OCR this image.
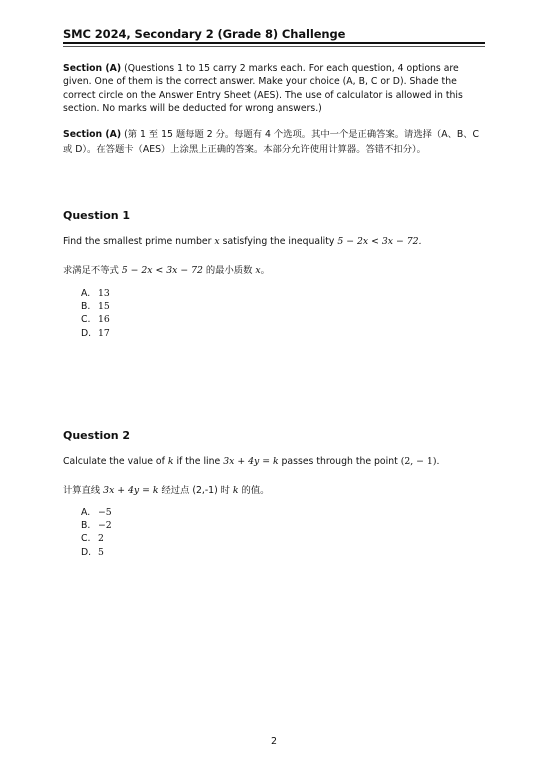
SMC 2024, Secondary 2 (Grade 8) Challenge
Section (A) (Questions 1 to 15 carry 2 marks each. For each question, 4 options are given. One of them is the correct answer. Make your choice (A, B, C or D). Shade the correct circle on the Answer Entry Sheet (AES). The use of calculator is allowed in this section. No marks will be deducted for wrong answers.)
Section (A) (第 1 至 15 题每题 2 分。每题有 4 个选项。其中一个是正确答案。请选择（A、B、C 或 D）。在答题卡（AES）上涂黑上正确的答案。本部分允许使用计算器。答错不扣分）。
Question 1
Find the smallest prime number x satisfying the inequality 5 − 2x < 3x − 72.
求满足不等式 5 − 2x < 3x − 72 的最小质数 x。
A. 13
B. 15
C. 16
D. 17
Question 2
Calculate the value of k if the line 3x + 4y = k passes through the point (2, − 1).
计算直线 3x + 4y = k 经过点 (2,-1) 时 k 的值。
A. −5
B. −2
C. 2
D. 5
2
